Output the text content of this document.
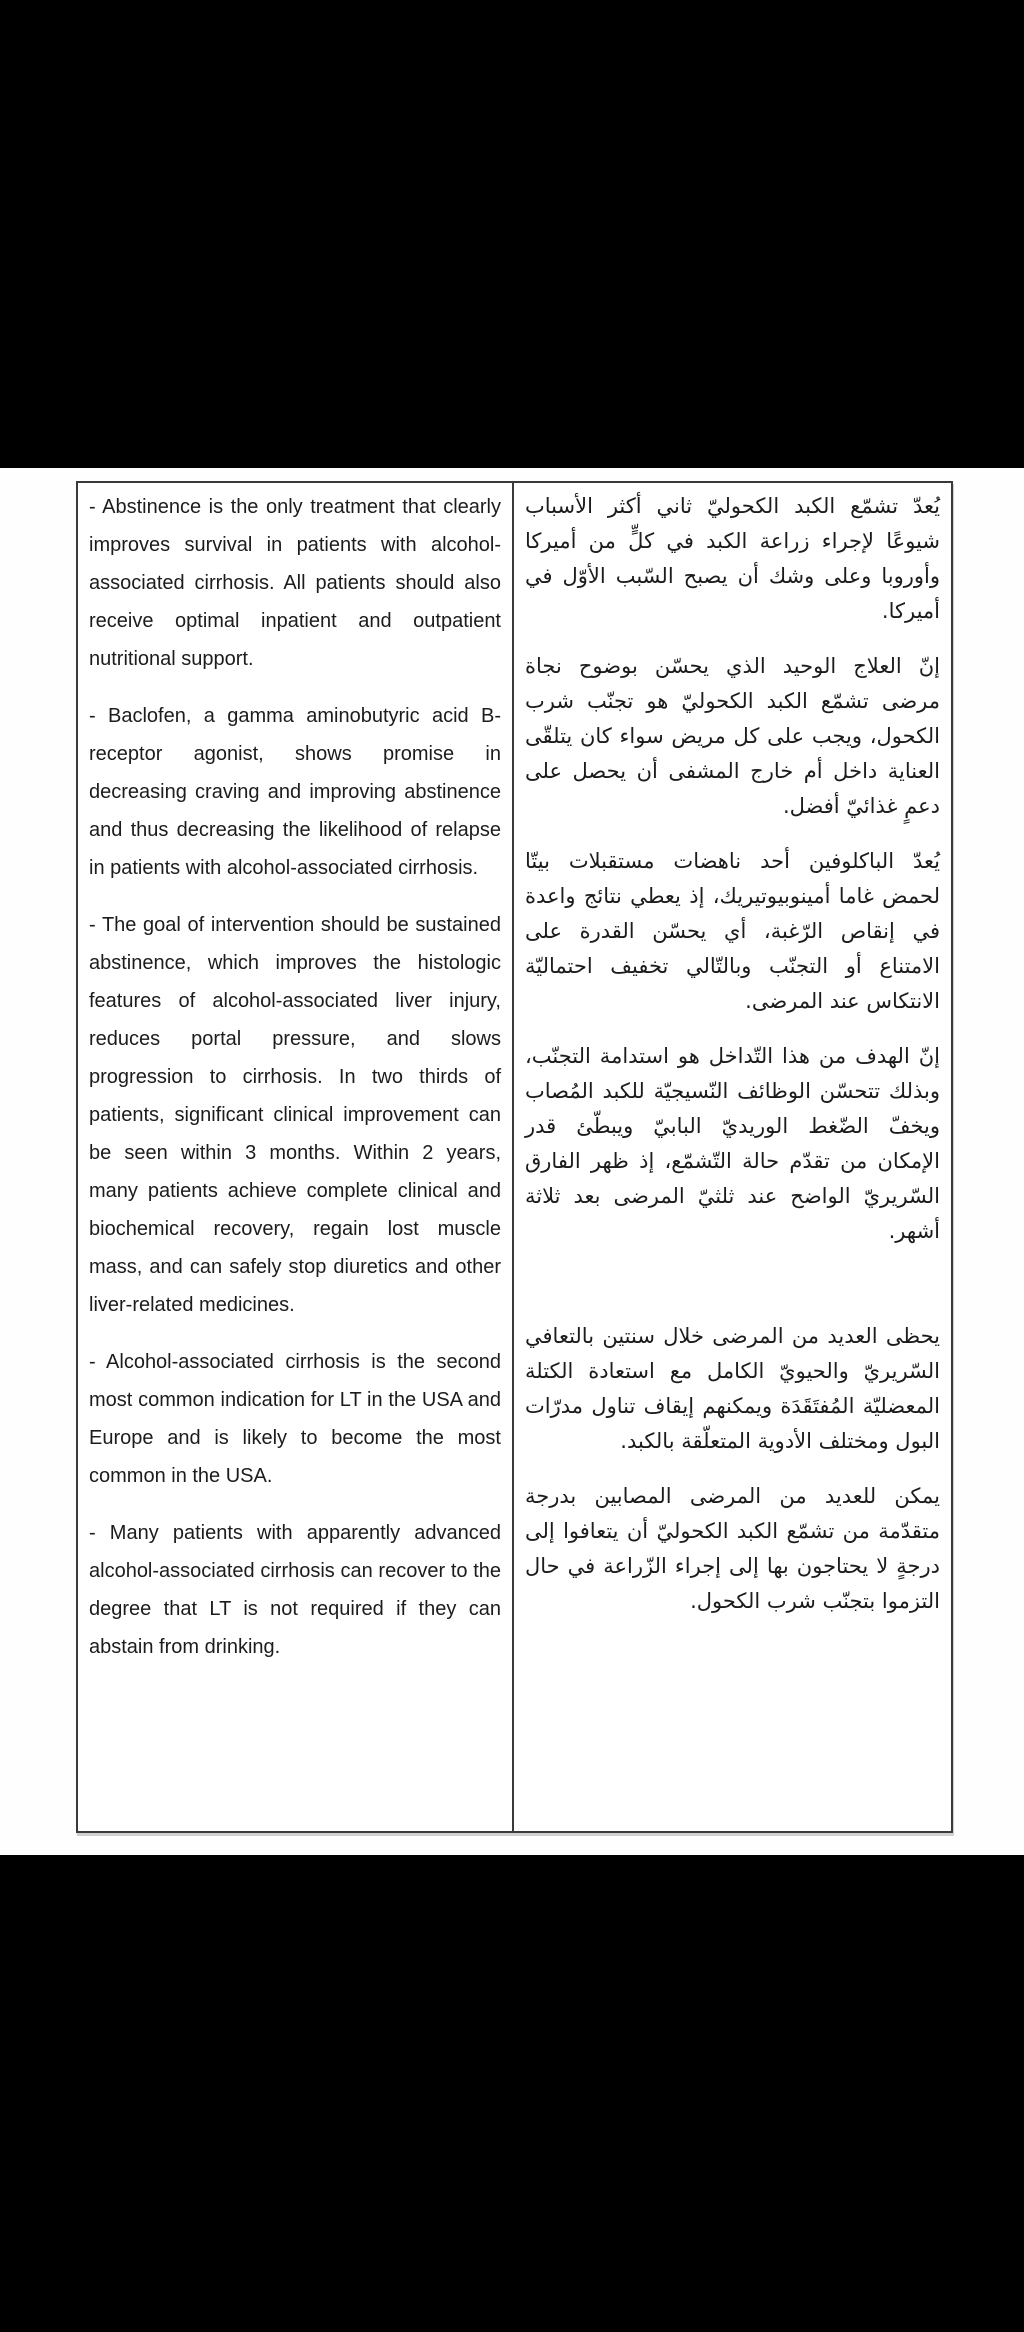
- Abstinence is the only treatment that clearly improves survival in patients with alcohol-associated cirrhosis. All patients should also receive optimal inpatient and outpatient nutritional support.

- Baclofen, a gamma aminobutyric acid B-receptor agonist, shows promise in decreasing craving and improving abstinence and thus decreasing the likelihood of relapse in patients with alcohol-associated cirrhosis.

- The goal of intervention should be sustained abstinence, which improves the histologic features of alcohol-associated liver injury, reduces portal pressure, and slows progression to cirrhosis. In two thirds of patients, significant clinical improvement can be seen within 3 months. Within 2 years, many patients achieve complete clinical and biochemical recovery, regain lost muscle mass, and can safely stop diuretics and other liver-related medicines.

- Alcohol-associated cirrhosis is the second most common indication for LT in the USA and Europe and is likely to become the most common in the USA.

- Many patients with apparently advanced alcohol-associated cirrhosis can recover to the degree that LT is not required if they can abstain from drinking.

يُعدّ تشمّع الكبد الكحوليّ ثاني أكثر الأسباب شيوعًا لإجراء زراعة الكبد في كلٍّ من أميركا وأوروبا وعلى وشك أن يصبح السّبب الأوّل في أميركا.

إنّ العلاج الوحيد الذي يحسّن بوضوح نجاة مرضى تشمّع الكبد الكحوليّ هو تجنّب شرب الكحول، ويجب على كل مريض سواء كان يتلقّى العناية داخل أم خارج المشفى أن يحصل على دعمٍ غذائيّ أفضل.

يُعدّ الباكلوفين أحد ناهضات مستقبلات بيتّا لحمض غاما أمينوبيوتيريك، إذ يعطي نتائج واعدة في إنقاص الرّغبة، أي يحسّن القدرة على الامتناع أو التجنّب وبالتّالي تخفيف احتماليّة الانتكاس عند المرضى.

إنّ الهدف من هذا التّداخل هو استدامة التجنّب، وبذلك تتحسّن الوظائف النّسيجيّة للكبد المُصاب ويخفّ الضّغط الوريديّ البابيّ ويبطّئ قدر الإمكان من تقدّم حالة التّشمّع، إذ ظهر الفارق السّريريّ الواضح عند ثلثيّ المرضى بعد ثلاثة أشهر.

يحظى العديد من المرضى خلال سنتين بالتعافي السّريريّ والحيويّ الكامل مع استعادة الكتلة المعضليّة المُفتَقَدَة ويمكنهم إيقاف تناول مدرّات البول ومختلف الأدوية المتعلّقة بالكبد.

يمكن للعديد من المرضى المصابين بدرجة متقدّمة من تشمّع الكبد الكحوليّ أن يتعافوا إلى درجةٍ لا يحتاجون بها إلى إجراء الزّراعة في حال التزموا بتجنّب شرب الكحول.
